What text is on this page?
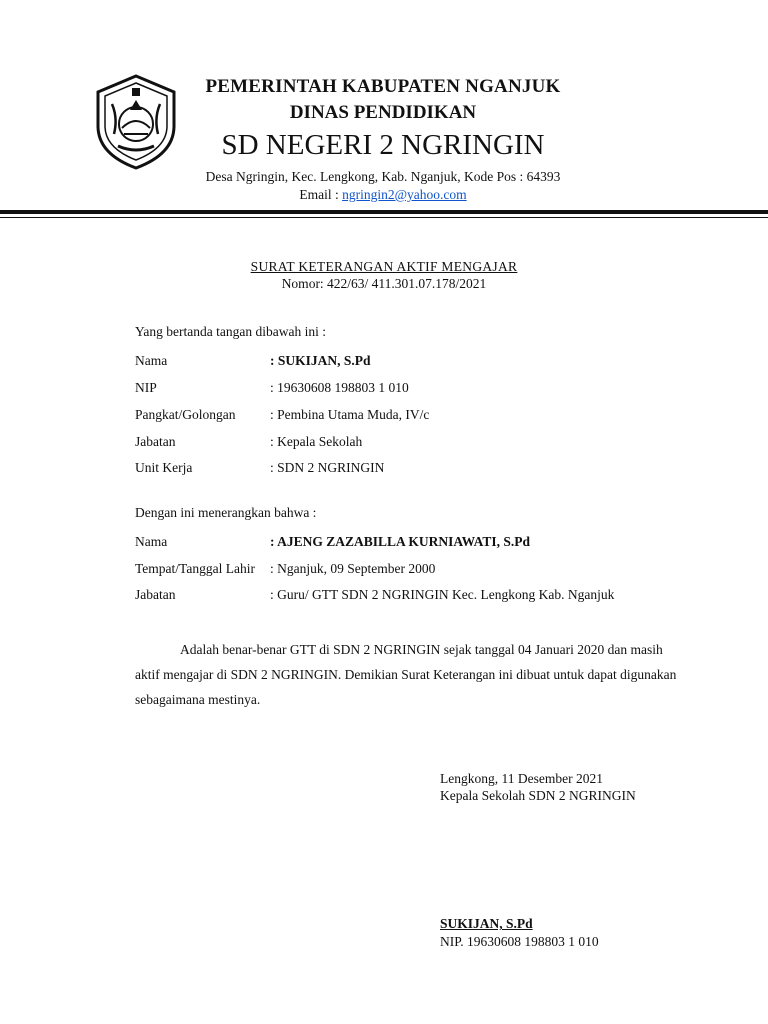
PEMERINTAH KABUPATEN NGANJUK
DINAS PENDIDIKAN
SD NEGERI 2 NGRINGIN
Desa Ngringin, Kec. Lengkong, Kab. Nganjuk, Kode Pos : 64393
Email : ngringin2@yahoo.com
SURAT KETERANGAN AKTIF MENGAJAR
Nomor: 422/63/ 411.301.07.178/2021
Yang bertanda tangan dibawah ini :
Nama	: SUKIJAN, S.Pd
NIP	: 19630608 198803 1 010
Pangkat/Golongan	: Pembina Utama Muda, IV/c
Jabatan	: Kepala Sekolah
Unit Kerja	: SDN 2 NGRINGIN
Dengan ini menerangkan bahwa :
Nama	: AJENG ZAZABILLA KURNIAWATI, S.Pd
Tempat/Tanggal Lahir : Nganjuk, 09 September 2000
Jabatan	: Guru/ GTT SDN 2 NGRINGIN Kec. Lengkong Kab. Nganjuk
Adalah benar-benar GTT di SDN 2 NGRINGIN sejak tanggal 04 Januari 2020 dan masih aktif mengajar di SDN 2 NGRINGIN. Demikian Surat Keterangan ini dibuat untuk dapat digunakan sebagaimana mestinya.
Lengkong, 11 Desember 2021
Kepala Sekolah SDN 2 NGRINGIN
SUKIJAN, S.Pd
NIP. 19630608 198803 1 010
